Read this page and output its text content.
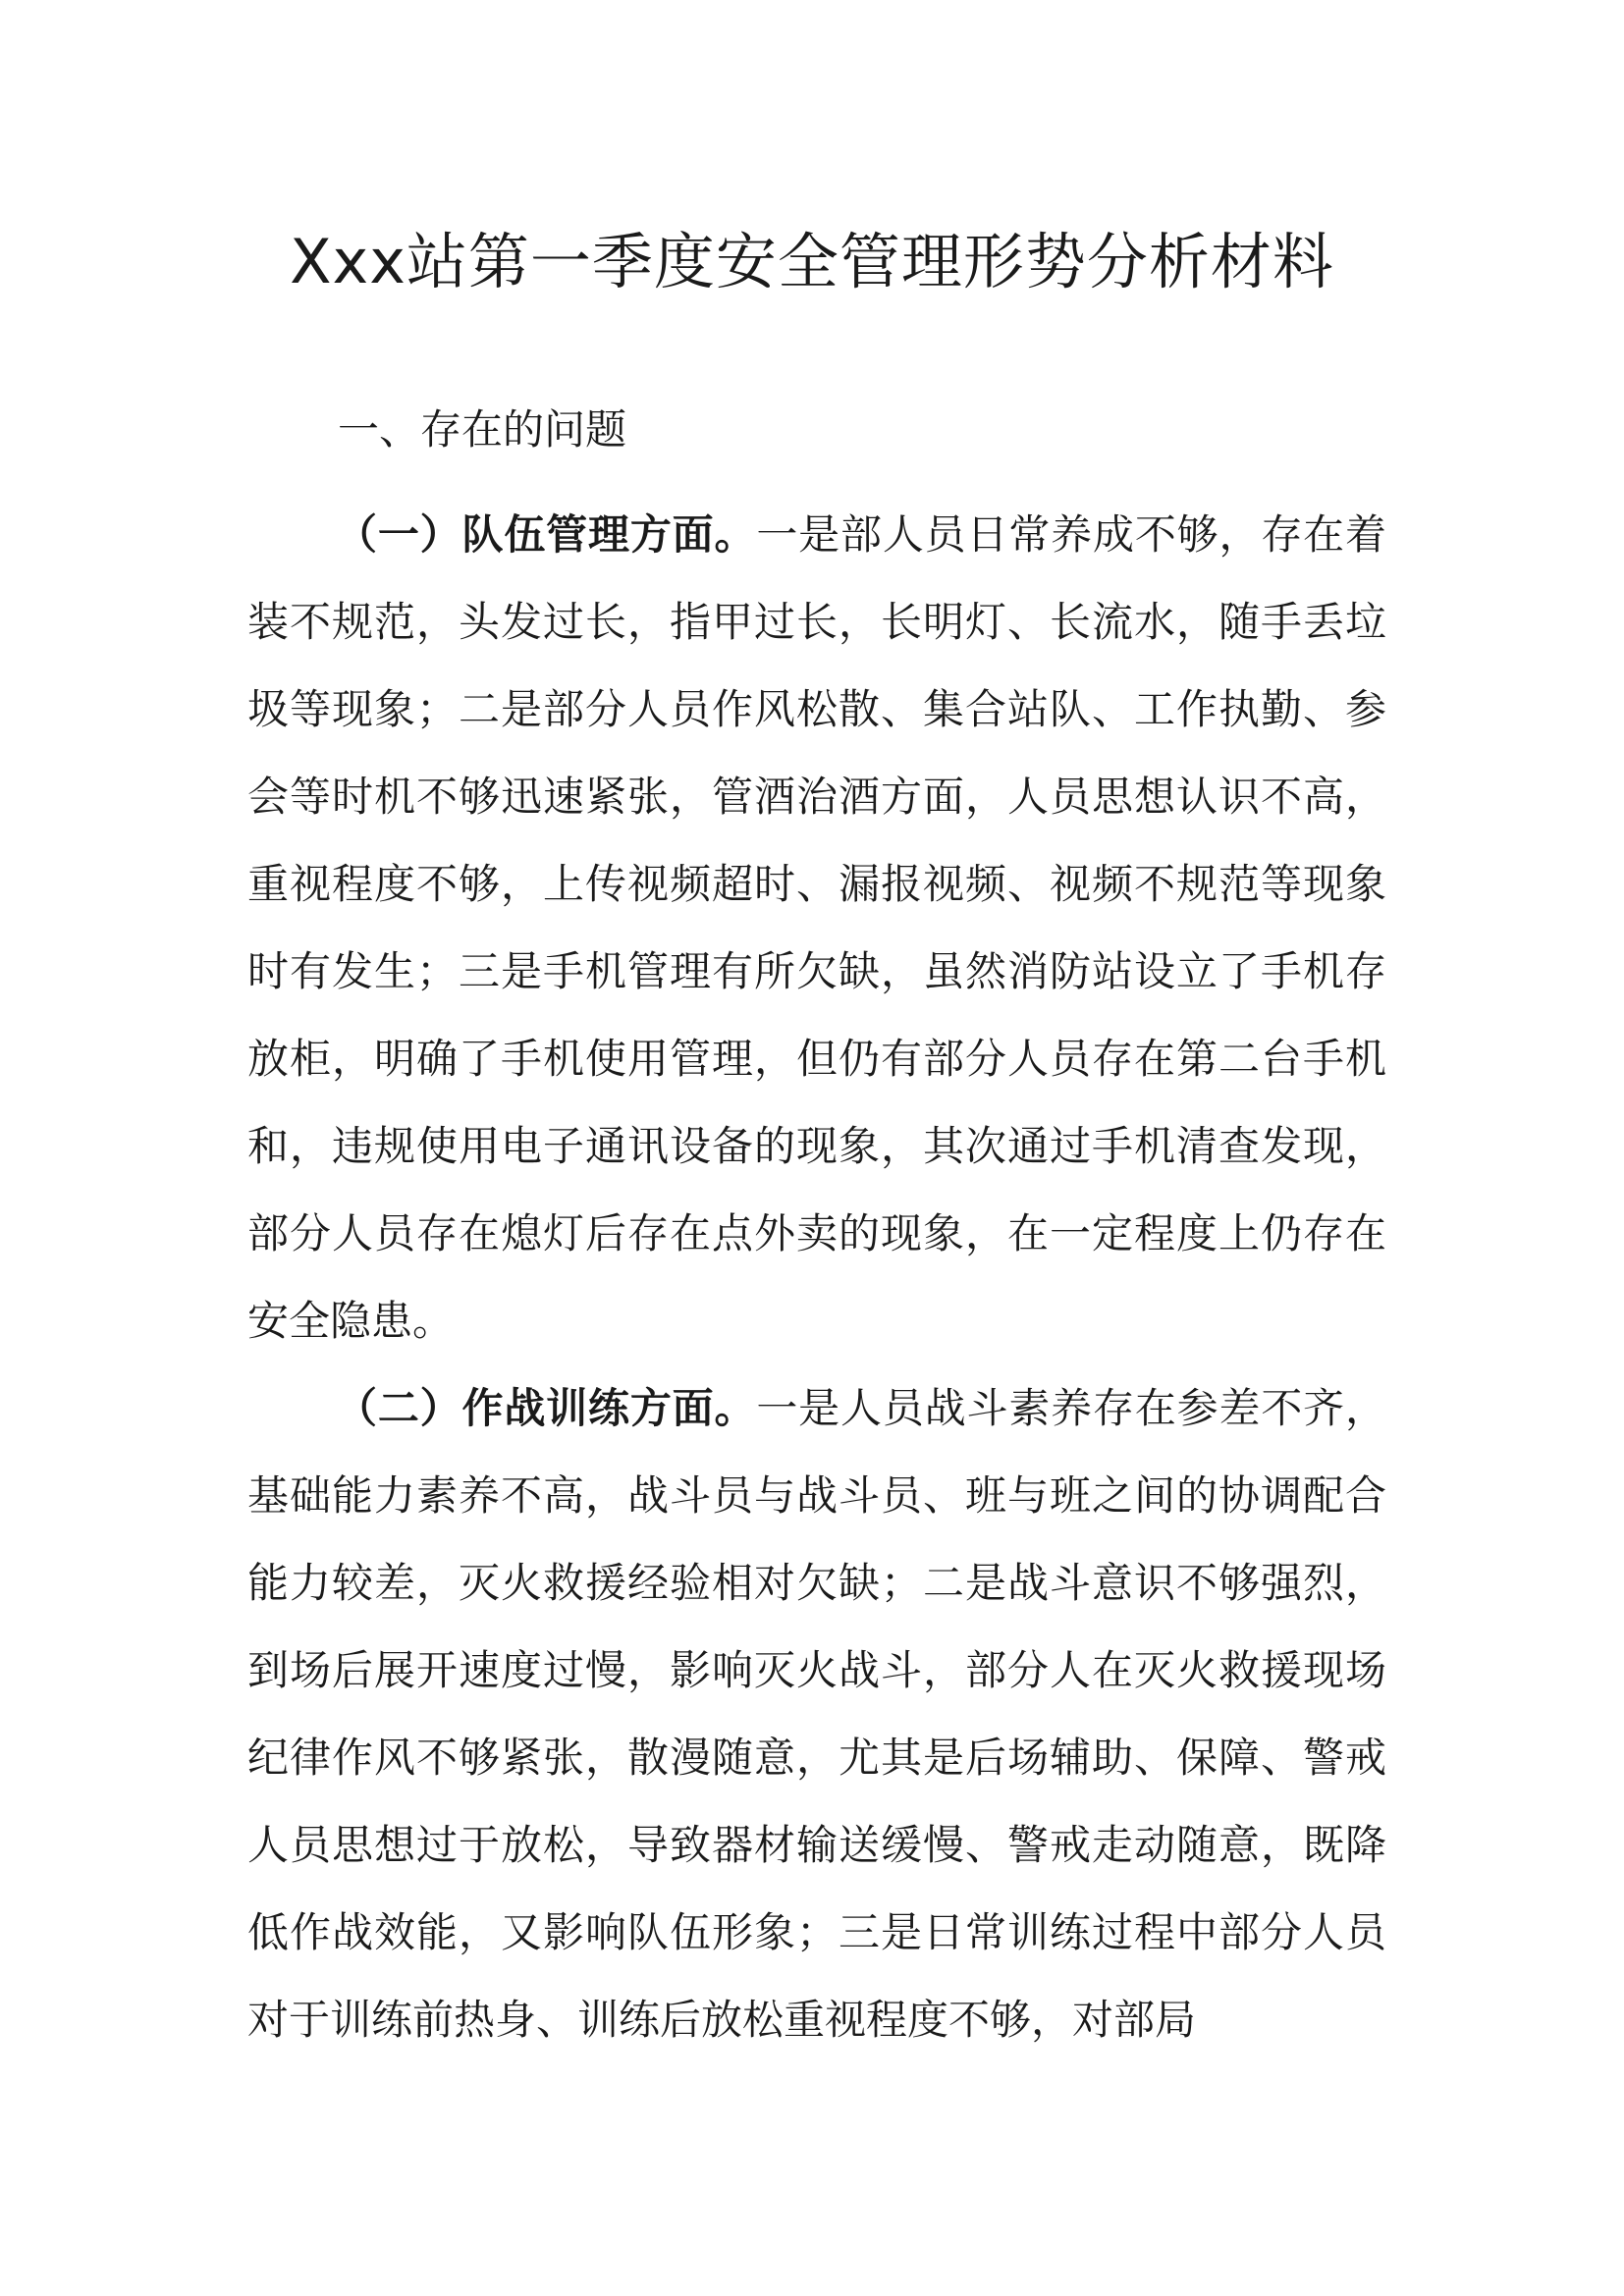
Xxx站第一季度安全管理形势分析材料

一、存在的问题

（一）队伍管理方面。一是部人员日常养成不够，存在着装不规范，头发过长，指甲过长，长明灯、长流水，随手丢垃圾等现象；二是部分人员作风松散、集合站队、工作执勤、参会等时机不够迅速紧张，管酒治酒方面，人员思想认识不高，重视程度不够，上传视频超时、漏报视频、视频不规范等现象时有发生；三是手机管理有所欠缺，虽然消防站设立了手机存放柜，明确了手机使用管理，但仍有部分人员存在第二台手机和，违规使用电子通讯设备的现象，其次通过手机清查发现，部分人员存在熄灯后存在点外卖的现象，在一定程度上仍存在安全隐患。

（二）作战训练方面。一是人员战斗素养存在参差不齐，基础能力素养不高，战斗员与战斗员、班与班之间的协调配合能力较差，灭火救援经验相对欠缺；二是战斗意识不够强烈，到场后展开速度过慢，影响灭火战斗，部分人在灭火救援现场纪律作风不够紧张，散漫随意，尤其是后场辅助、保障、警戒人员思想过于放松，导致器材输送缓慢、警戒走动随意，既降低作战效能，又影响队伍形象；三是日常训练过程中部分人员对于训练前热身、训练后放松重视程度不够，对部局
